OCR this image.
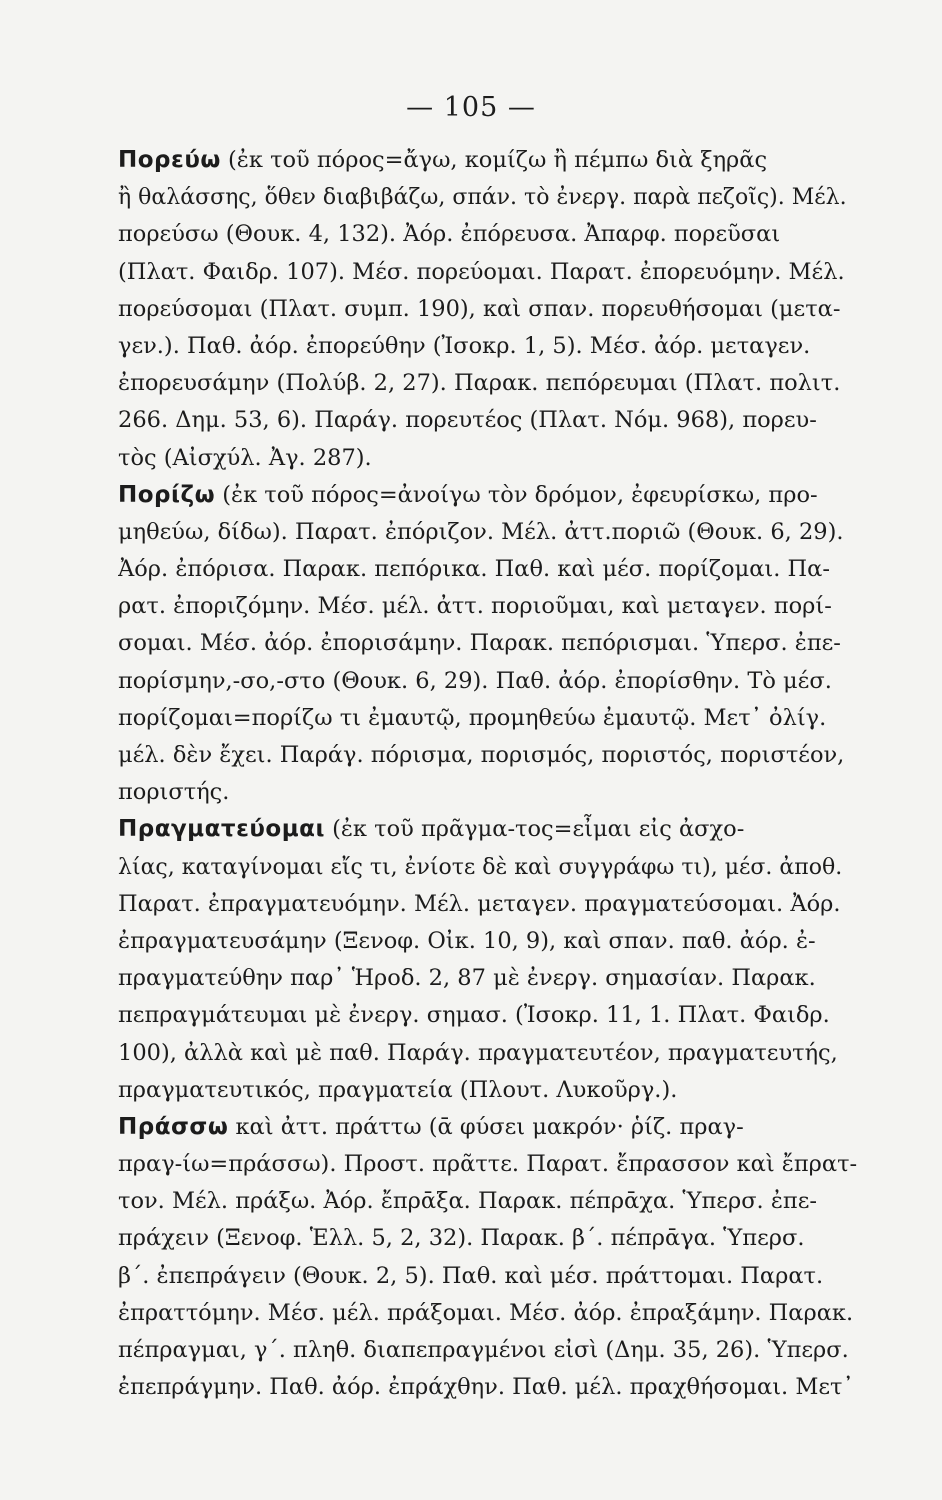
— 105 —
Πορεύω (ἐκ τοῦ πόρος=ἄγω, κομίζω ἢ πέμπω διὰ ξηρᾶς
ἢ θαλάσσης, ὅθεν διαβιβάζω, σπάν. τὸ ἐνεργ. παρὰ πεζοῖς). Μέλ.
πορεύσω (Θουκ. 4, 132). Ἀόρ. ἐπόρευσα. Ἀπαρφ. πορεῦσαι
(Πλατ. Φαιδρ. 107). Μέσ. πορεύομαι. Παρατ. ἐπορευόμην. Μέλ.
πορεύσομαι (Πλατ. συμπ. 190), καὶ σπαν. πορευθήσομαι (μετα-
γεν.). Παθ. ἀόρ. ἐπορεύθην (Ἰσοκρ. 1, 5). Μέσ. ἀόρ. μεταγεν.
ἐπορευσάμην (Πολύβ. 2, 27). Παρακ. πεπόρευμαι (Πλατ. πολιτ.
266. Δημ. 53, 6). Παράγ. πορευτέος (Πλατ. Νόμ. 968), πορευ-
τὸς (Αἰσχύλ. Ἀγ. 287).
Πορίζω (ἐκ τοῦ πόρος=ἀνοίγω τὸν δρόμον, ἐφευρίσκω, προ-
μηθεύω, δίδω). Παρατ. ἐπόριζον. Μέλ. ἀττ.ποριῶ (Θουκ. 6, 29).
Ἀόρ. ἐπόρισα. Παρακ. πεπόρικα. Παθ. καὶ μέσ. πορίζομαι. Πα-
ρατ. ἐποριζόμην. Μέσ. μέλ. ἀττ. ποριοῦμαι, καὶ μεταγεν. πορί-
σομαι. Μέσ. ἀόρ. ἐπορισάμην. Παρακ. πεπόρισμαι. Ὑπερσ. ἐπε-
πορίσμην,-σο,-στο (Θουκ. 6, 29). Παθ. ἀόρ. ἐπορίσθην. Τὸ μέσ.
πορίζομαι=πορίζω τι ἐμαυτῷ, προμηθεύω ἐμαυτῷ. Μετ᾽ ὀλίγ.
μέλ. δὲν ἔχει. Παράγ. πόρισμα, πορισμός, ποριστός, ποριστέον,
ποριστής.
Πραγματεύομαι (ἐκ τοῦ πρᾶγμα-τος=εἶμαι εἰς ἀσχο-
λίας, καταγίνομαι εἴς τι, ἐνίοτε δὲ καὶ συγγράφω τι), μέσ. ἀποθ.
Παρατ. ἐπραγματευόμην. Μέλ. μεταγεν. πραγματεύσομαι. Ἀόρ.
ἐπραγματευσάμην (Ξενοφ. Οἰκ. 10, 9), καὶ σπαν. παθ. ἀόρ. ἐ-
πραγματεύθην παρ᾽ Ἡροδ. 2, 87 μὲ ἐνεργ. σημασίαν. Παρακ.
πεπραγμάτευμαι μὲ ἐνεργ. σημασ. (Ἰσοκρ. 11, 1. Πλατ. Φαιδρ.
100), ἀλλὰ καὶ μὲ παθ. Παράγ. πραγματευτέον, πραγματευτής,
πραγματευτικός, πραγματεία (Πλουτ. Λυκοῦργ.).
Πράσσω καὶ ἀττ. πράττω (ᾱ φύσει μακρόν· ῥίζ. πραγ-
πραγ-ίω=πράσσω). Προστ. πρᾶττε. Παρατ. ἔπρασσον καὶ ἔπρατ-
τον. Μέλ. πράξω. Ἀόρ. ἔπρᾱξα. Παρακ. πέπρᾱχα. Ὑπερσ. ἐπε-
πράχειν (Ξενοφ. Ἑλλ. 5, 2, 32). Παρακ. β΄. πέπρᾱγα. Ὑπερσ.
β΄. ἐπεπράγειν (Θουκ. 2, 5). Παθ. καὶ μέσ. πράττομαι. Παρατ.
ἐπραττόμην. Μέσ. μέλ. πράξομαι. Μέσ. ἀόρ. ἐπραξάμην. Παρακ.
πέπραγμαι, γ΄. πληθ. διαπεπραγμένοι εἰσὶ (Δημ. 35, 26). Ὑπερσ.
ἐπεπράγμην. Παθ. ἀόρ. ἐπράχθην. Παθ. μέλ. πραχθήσομαι. Μετ᾽
